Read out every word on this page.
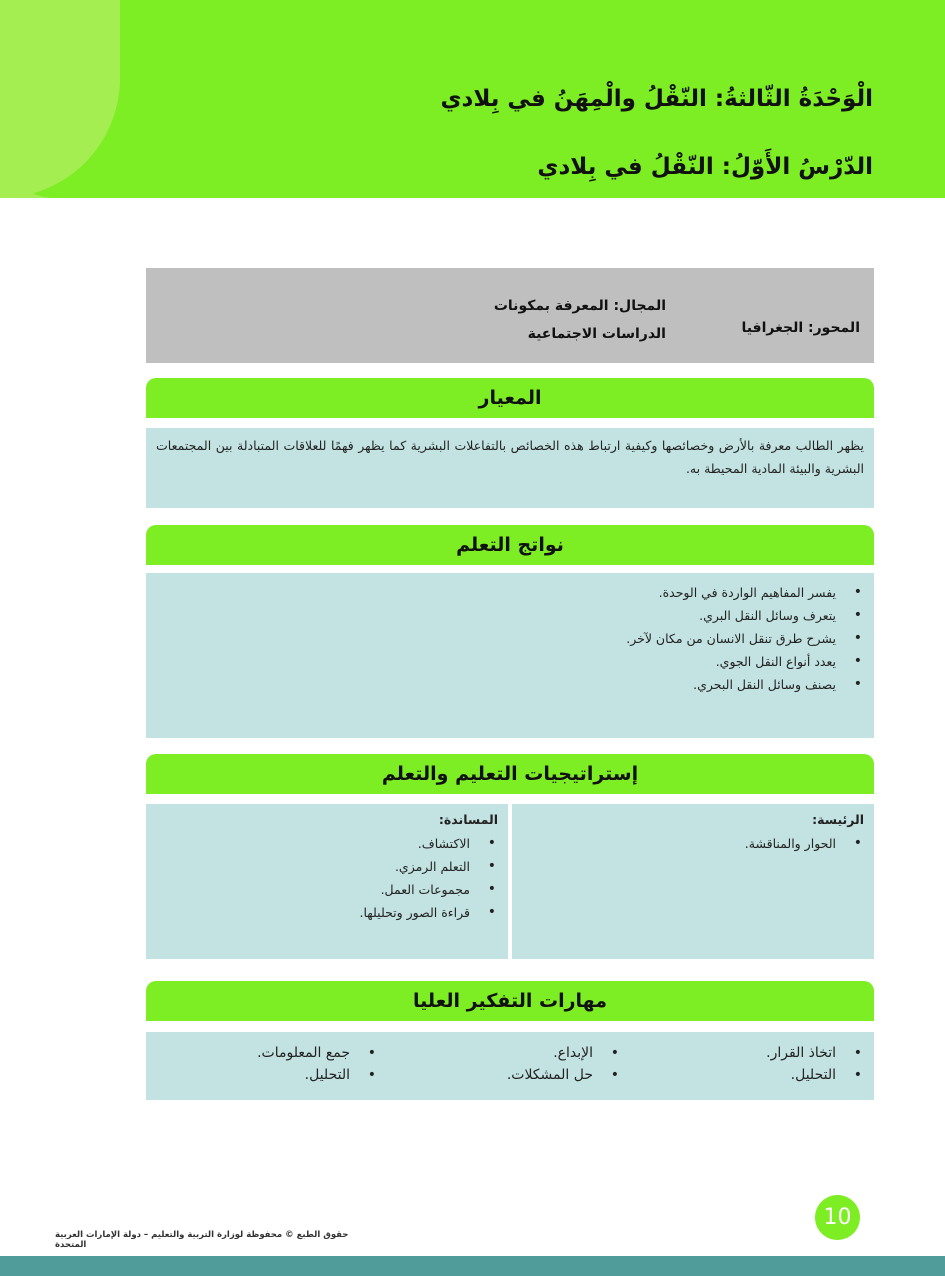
الْوَحْدَةُ الثّالثةُ: النّقْلُ والْمِهَنُ في بِلادي
الدّرْسُ الأَوّلُ: النّقْلُ في بِلادي
المجال: المعرفة بمكونات الدراسات الاجتماعية	المحور: الجغرافيا
المعيار

يظهر الطالب معرفة بالأرض وخصائصها وكيفية ارتباط هذه الخصائص بالتفاعلات البشرية كما يظهر فهمًا للعلاقات المتبادلة بين المجتمعات البشرية والبيئة المادية المحيطة به.

نواتج التعلم
• يفسر المفاهيم الواردة في الوحدة.
• يتعرف وسائل النقل البري.
• يشرح طرق تنقل الانسان من مكان لآخر.
• يعدد أنواع النقل الجوي.
• يصنف وسائل النقل البحري.
إستراتيجيات التعليم والتعلم
الرئيسة:
• الحوار والمناقشة.
المساندة:
• الاكتشاف.
• التعلم الرمزي.
• مجموعات العمل.
• قراءة الصور وتحليلها.
مهارات التفكير العليا
• اتخاذ القرار.
• التحليل.
• الإبداع.
• حل المشكلات.
• جمع المعلومات.
• التحليل.
10
حقوق الطبع © محفوظة لوزارة التربية والتعليم – دولة الإمارات العربية المتحدة
